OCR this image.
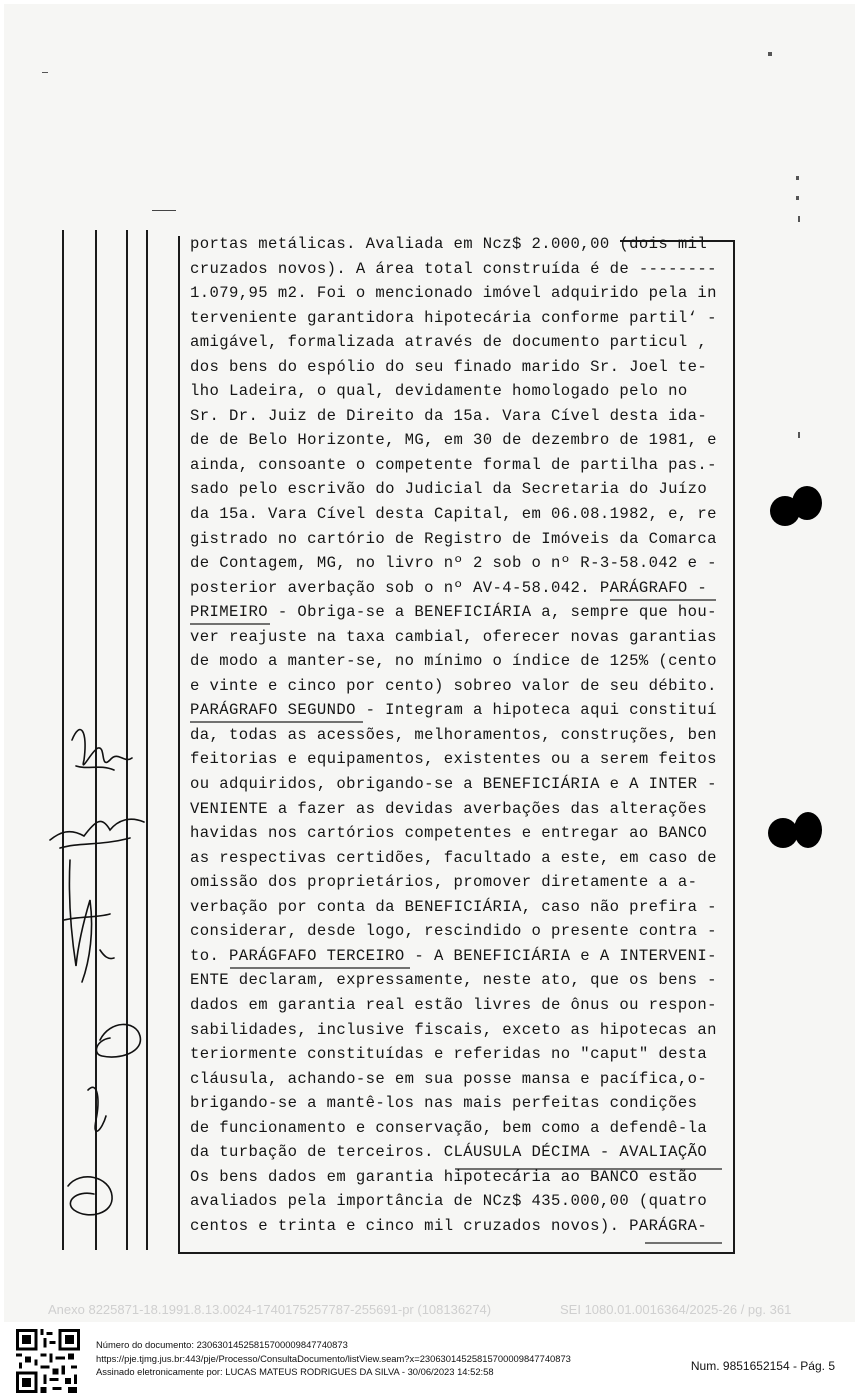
portas metálicas. Avaliada em Ncz$ 2.000,00 (dois mil
cruzados novos). A área total construída é de --------
1.079,95 m2. Foi o mencionado imóvel adquirido pela in
terveniente garantidora hipotecária conforme partil‘ -
amigável, formalizada através de documento particul ,
dos bens do espólio do seu finado marido Sr. Joel te-
lho Ladeira, o qual, devidamente homologado pelo no
Sr. Dr. Juiz de Direito da 15a. Vara Cível desta ida-
de de Belo Horizonte, MG, em 30 de dezembro de 1981, e
ainda, consoante o competente formal de partilha pas.-
sado pelo escrivão do Judicial da Secretaria do Juízo
da 15a. Vara Cível desta Capital, em 06.08.1982, e, re
gistrado no cartório de Registro de Imóveis da Comarca
de Contagem, MG, no livro nº 2 sob o nº R-3-58.042 e -
posterior averbação sob o nº AV-4-58.042. PARÁGRAFO -
PRIMEIRO - Obriga-se a BENEFICIÁRIA a, sempre que hou-
ver reajuste na taxa cambial, oferecer novas garantias
de modo a manter-se, no mínimo o índice de 125% (cento
e vinte e cinco por cento) sobreo valor de seu débito.
PARÁGRAFO SEGUNDO - Integram a hipoteca aqui constituí
da, todas as acessões, melhoramentos, construções, ben
feitorias e equipamentos, existentes ou a serem feitos
ou adquiridos, obrigando-se a BENEFICIÁRIA e A INTER -
VENIENTE a fazer as devidas averbações das alterações
havidas nos cartórios competentes e entregar ao BANCO
as respectivas certidões, facultado a este, em caso de
omissão dos proprietários, promover diretamente a a-
verbação por conta da BENEFICIÁRIA, caso não prefira -
considerar, desde logo, rescindido o presente contra -
to. PARÁGFAFO TERCEIRO - A BENEFICIÁRIA e A INTERVENI-
ENTE declaram, expressamente, neste ato, que os bens -
dados em garantia real estão livres de ônus ou respon-
sabilidades, inclusive fiscais, exceto as hipotecas an
teriormente constituídas e referidas no "caput" desta
cláusula, achando-se em sua posse mansa e pacífica,o-
brigando-se a mantê-los nas mais perfeitas condições
de funcionamento e conservação, bem como a defendê-la
da turbação de terceiros. CLÁUSULA DÉCIMA - AVALIAÇÃO
Os bens dados em garantia hipotecária ao BANCO estão
avaliados pela importância de NCz$ 435.000,00 (quatro
centos e trinta e cinco mil cruzados novos). PARÁGRA-
Anexo 8225871-18.1991.8.13.0024-1740175257787-255691-pr (108136274)	SEI 1080.01.0016364/2025-26 / pg. 361
Número do documento: 23063014525815700009847740873
https://pje.tjmg.jus.br:443/pje/Processo/ConsultaDocumento/listView.seam?x=23063014525815700009847740873
Assinado eletronicamente por: LUCAS MATEUS RODRIGUES DA SILVA - 30/06/2023 14:52:58	Num. 9851652154 - Pág. 5
